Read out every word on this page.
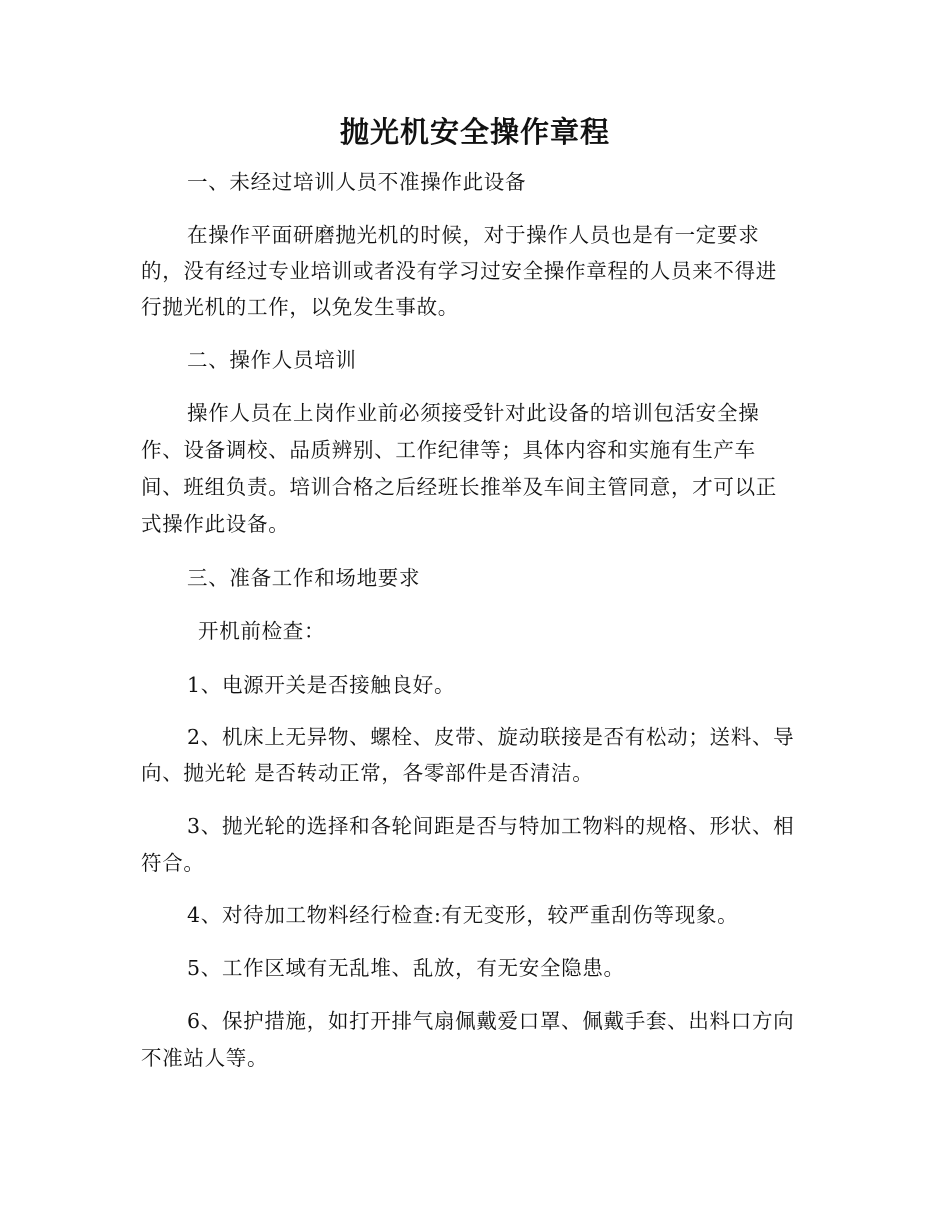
抛光机安全操作章程
一、未经过培训人员不准操作此设备
在操作平面研磨抛光机的时候，对于操作人员也是有一定要求
的，没有经过专业培训或者没有学习过安全操作章程的人员来不得进
行抛光机的工作，以免发生事故。
二、操作人员培训
操作人员在上岗作业前必须接受针对此设备的培训包活安全操
作、设备调校、品质辨别、工作纪律等；具体内容和实施有生产车
间、班组负责。培训合格之后经班长推举及车间主管同意，才可以正
式操作此设备。
三、准备工作和场地要求
开机前检查：
1、电源开关是否接触良好。
2、机床上无异物、螺栓、皮带、旋动联接是否有松动；送料、导
向、抛光轮 是否转动正常，各零部件是否清洁。
3、抛光轮的选择和各轮间距是否与特加工物料的规格、形状、相
符合。
4、对待加工物料经行检查:有无变形，较严重刮伤等现象。
5、工作区域有无乱堆、乱放，有无安全隐患。
6、保护措施，如打开排气扇佩戴爱口罩、佩戴手套、出料口方向
不准站人等。
